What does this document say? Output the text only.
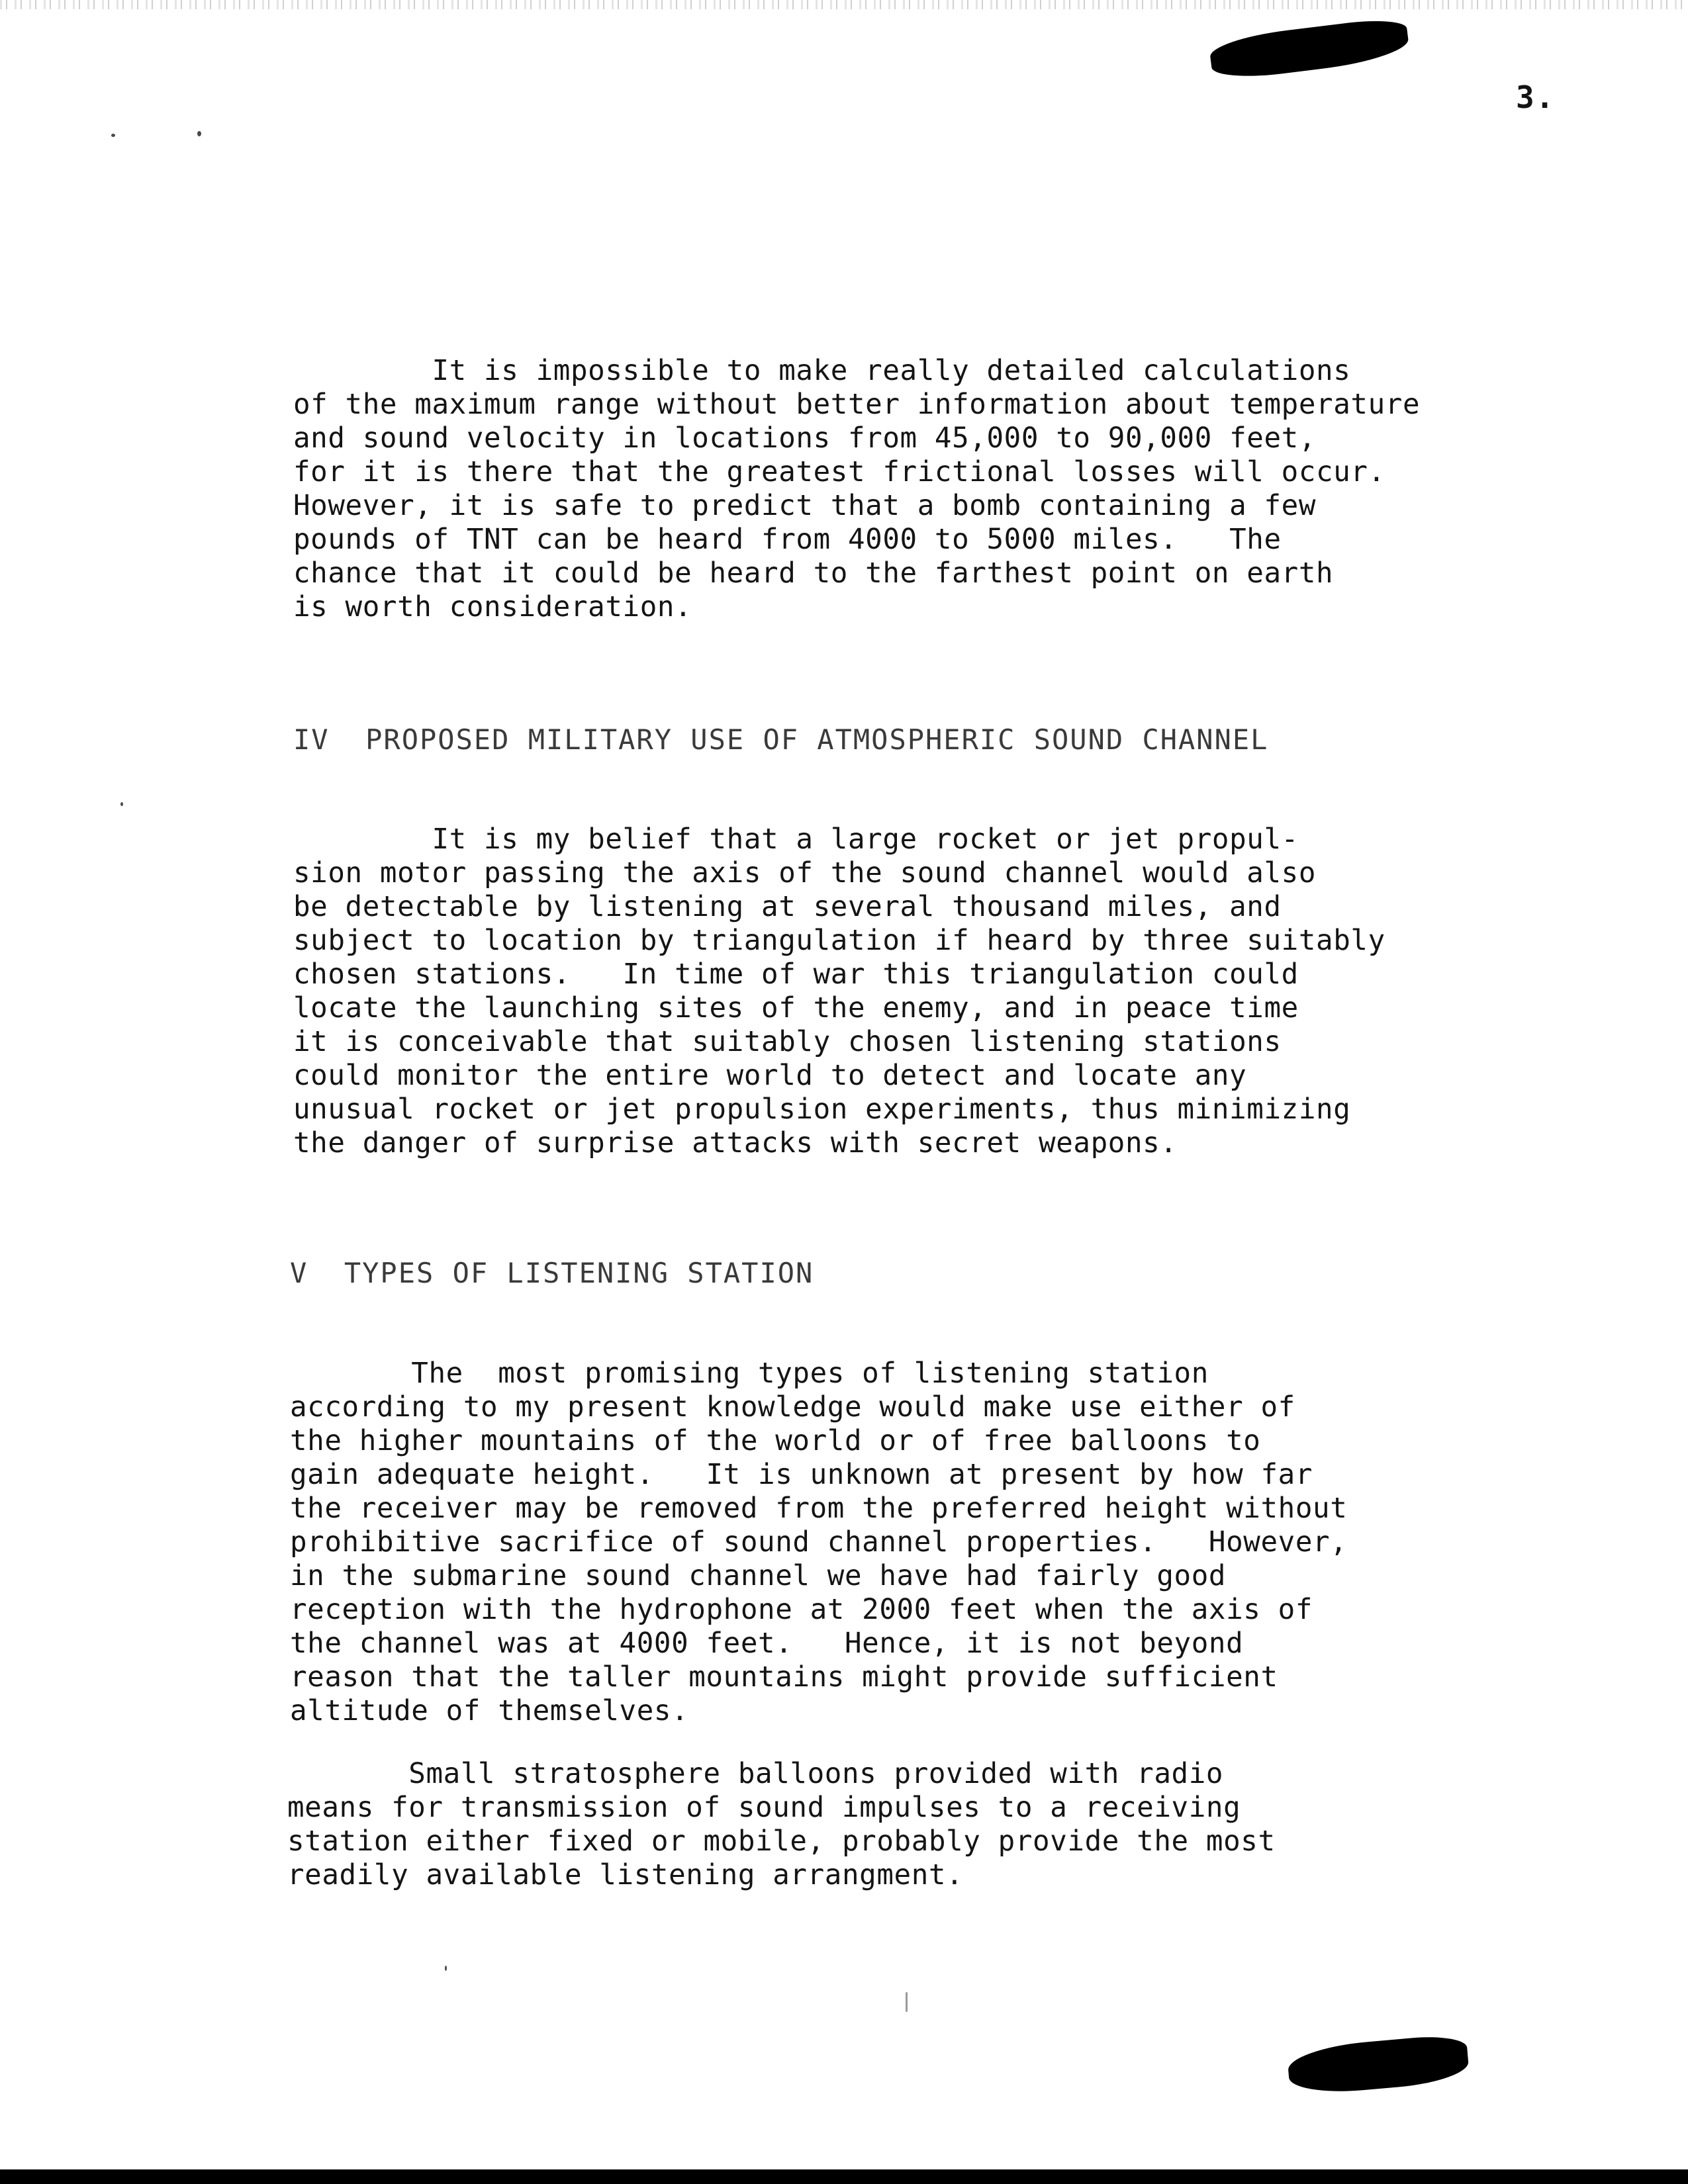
3.
It is impossible to make really detailed calculations
of the maximum range without better information about temperature
and sound velocity in locations from 45,000 to 90,000 feet,
for it is there that the greatest frictional losses will occur.
However, it is safe to predict that a bomb containing a few
pounds of TNT can be heard from 4000 to 5000 miles.   The
chance that it could be heard to the farthest point on earth
is worth consideration.
IV  PROPOSED MILITARY USE OF ATMOSPHERIC SOUND CHANNEL
It is my belief that a large rocket or jet propul-
sion motor passing the axis of the sound channel would also
be detectable by listening at several thousand miles, and
subject to location by triangulation if heard by three suitably
chosen stations.   In time of war this triangulation could
locate the launching sites of the enemy, and in peace time
it is conceivable that suitably chosen listening stations
could monitor the entire world to detect and locate any
unusual rocket or jet propulsion experiments, thus minimizing
the danger of surprise attacks with secret weapons.
V  TYPES OF LISTENING STATION
The  most promising types of listening station
according to my present knowledge would make use either of
the higher mountains of the world or of free balloons to
gain adequate height.   It is unknown at present by how far
the receiver may be removed from the preferred height without
prohibitive sacrifice of sound channel properties.   However,
in the submarine sound channel we have had fairly good
reception with the hydrophone at 2000 feet when the axis of
the channel was at 4000 feet.   Hence, it is not beyond
reason that the taller mountains might provide sufficient
altitude of themselves.
Small stratosphere balloons provided with radio
means for transmission of sound impulses to a receiving
station either fixed or mobile, probably provide the most
readily available listening arrangment.
